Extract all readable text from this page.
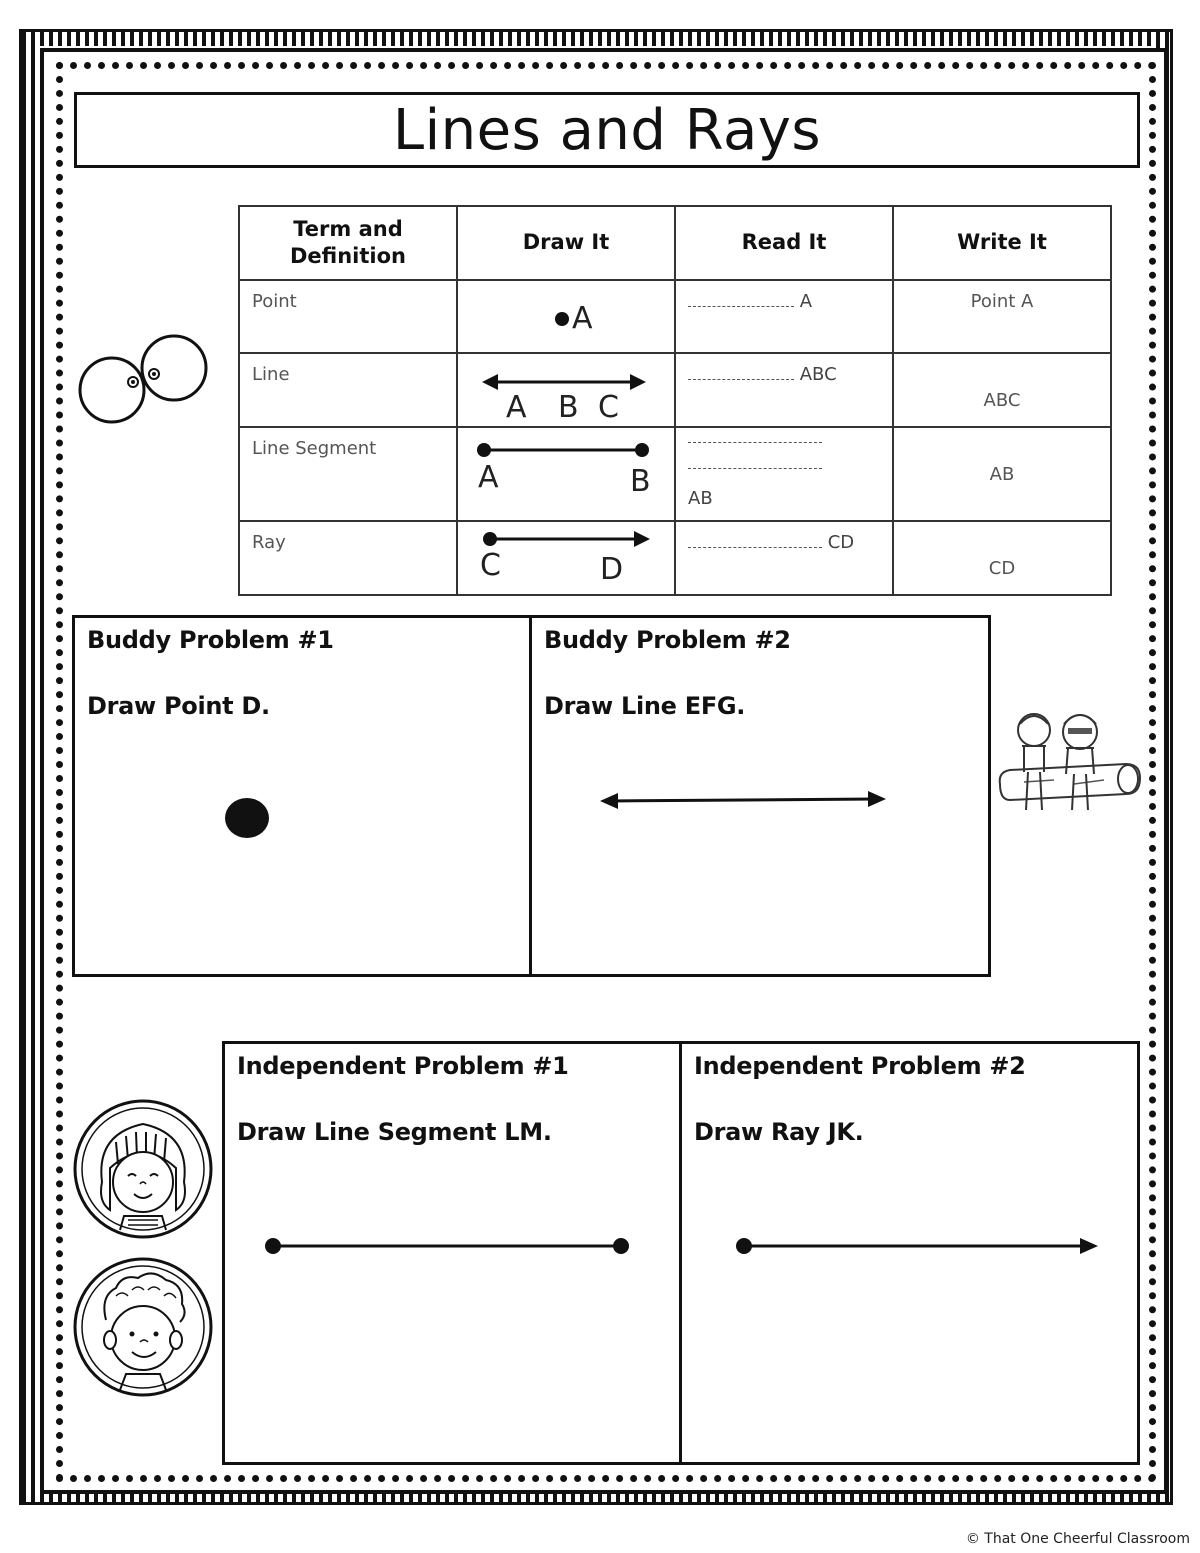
Lines and Rays
Term and Definition	Draw It	Read It	Write It

Point	A	A	Point A

Line	A B C	ABC	ABC

Line Segment	A B	AB	AB

Ray	C D	CD	CD
Buddy Problem #1
Draw Point D.
Buddy Problem #2
Draw Line EFG.
Independent Problem #1
Draw Line Segment LM.
Independent Problem #2
Draw Ray JK.
© That One Cheerful Classroom
